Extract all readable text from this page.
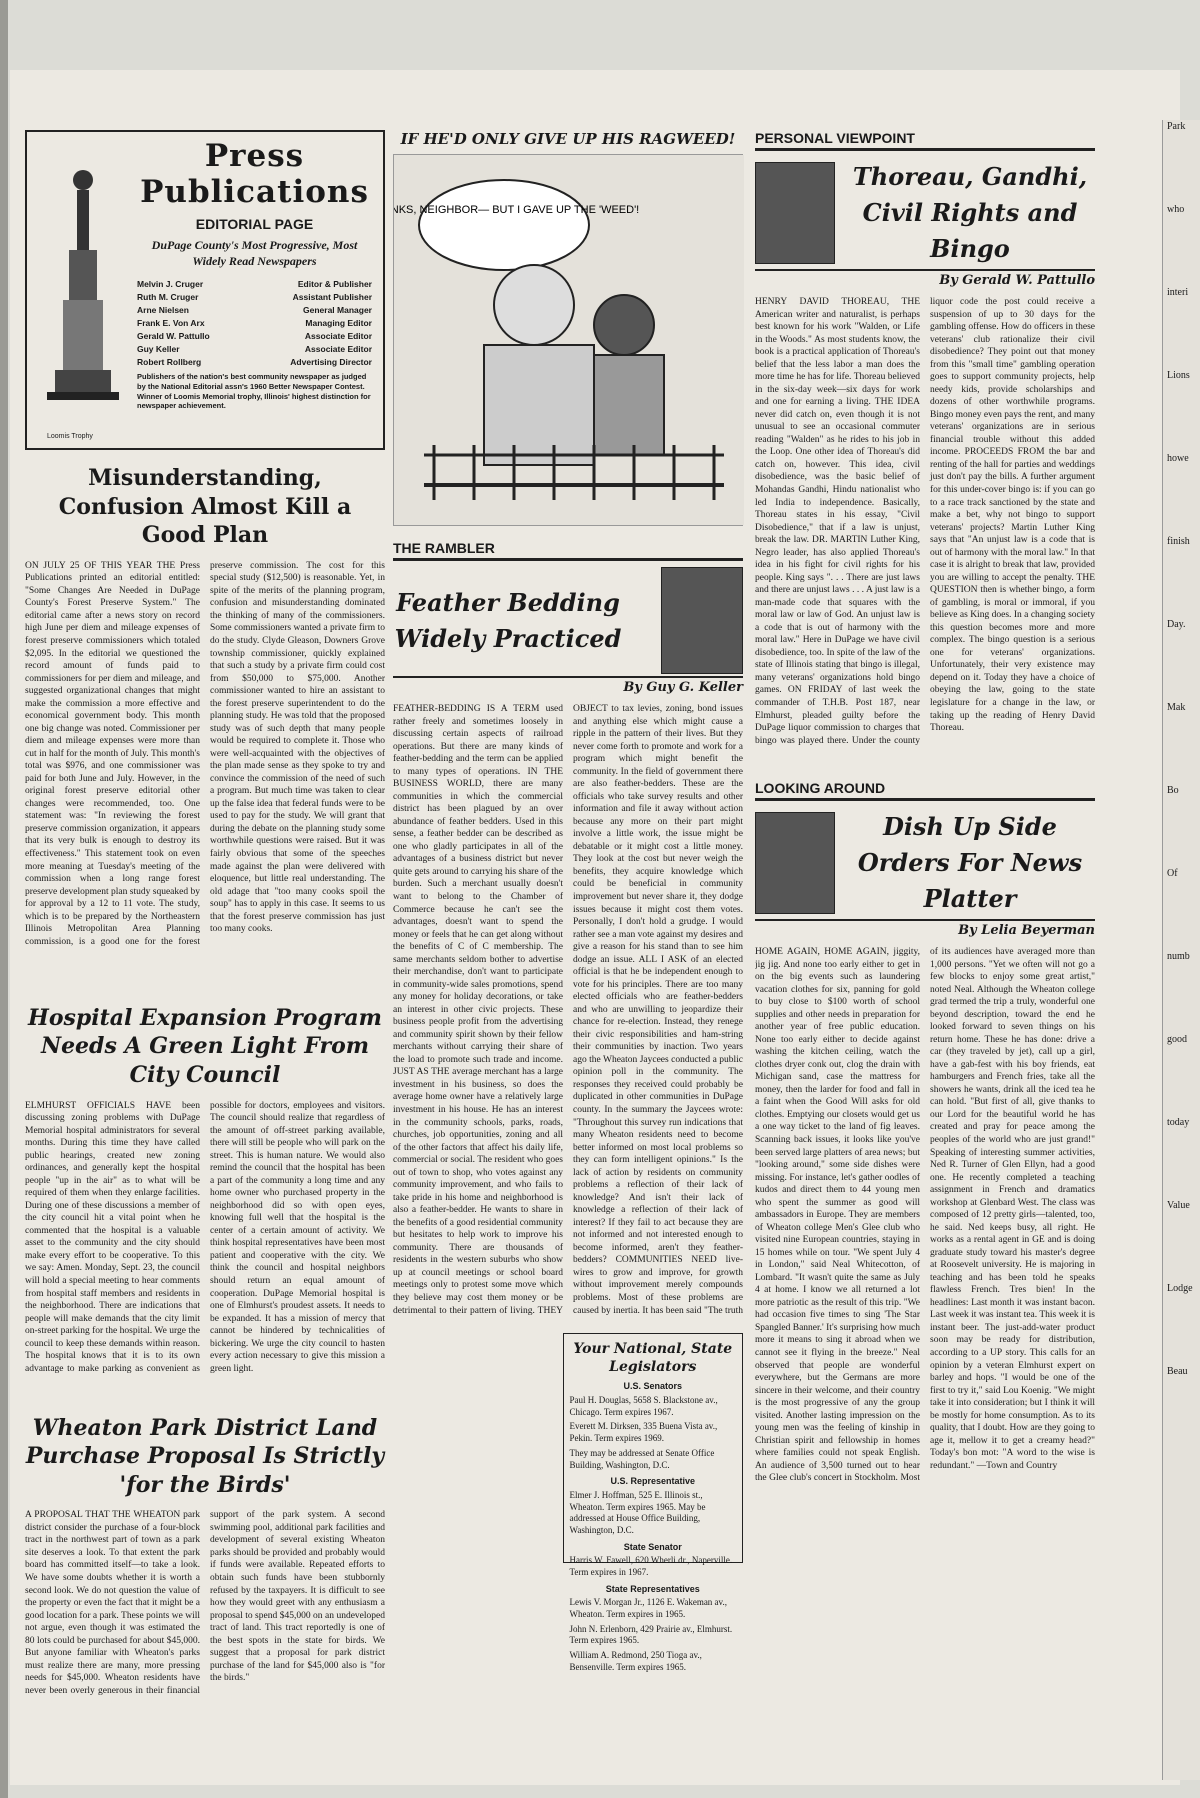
Loomis Trophy
Press Publications
EDITORIAL PAGE
DuPage County's Most Progressive, Most Widely Read Newspapers
Melvin J. Cruger	Editor & Publisher
Ruth M. Cruger	Assistant Publisher
Arne Nielsen	General Manager
Frank E. Von Arx	Managing Editor
Gerald W. Pattullo	Associate Editor
Guy Keller	Associate Editor
Robert Rollberg	Advertising Director
Publishers of the nation's best community newspaper as judged by the National Editorial assn's 1960 Better Newspaper Contest. Winner of Loomis Memorial trophy, Illinois' highest distinction for newspaper achievement.
Misunderstanding, Confusion Almost Kill a Good Plan
ON JULY 25 OF THIS YEAR THE Press Publications printed an editorial entitled: "Some Changes Are Needed in DuPage County's Forest Preserve System." The editorial came after a news story on record high June per diem and mileage expenses of forest preserve commissioners which totaled $2,095. In the editorial we questioned the record amount of funds paid to commissioners for per diem and mileage, and suggested organizational changes that might make the commission a more effective and economical government body. This month one big change was noted. Commissioner per diem and mileage expenses were more than cut in half for the month of July. This month's total was $976, and one commissioner was paid for both June and July. However, in the original forest preserve editorial other changes were recommended, too. One statement was: "In reviewing the forest preserve commission organization, it appears that its very bulk is enough to destroy its effectiveness." This statement took on even more meaning at Tuesday's meeting of the commission when a long range forest preserve development plan study squeaked by for approval by a 12 to 11 vote. The study, which is to be prepared by the Northeastern Illinois Metropolitan Area Planning commission, is a good one for the forest preserve commission. The cost for this special study ($12,500) is reasonable. Yet, in spite of the merits of the planning program, confusion and misunderstanding dominated the thinking of many of the commissioners. Some commissioners wanted a private firm to do the study. Clyde Gleason, Downers Grove township commissioner, quickly explained that such a study by a private firm could cost from $50,000 to $75,000. Another commissioner wanted to hire an assistant to the forest preserve superintendent to do the planning study. He was told that the proposed study was of such depth that many people would be required to complete it. Those who were well-acquainted with the objectives of the plan made sense as they spoke to try and convince the commission of the need of such a program. But much time was taken to clear up the false idea that federal funds were to be used to pay for the study. We will grant that during the debate on the planning study some worthwhile questions were raised. But it was fairly obvious that some of the speeches made against the plan were delivered with eloquence, but little real understanding. The old adage that "too many cooks spoil the soup" has to apply in this case. It seems to us that the forest preserve commission has just too many cooks.
Hospital Expansion Program Needs A Green Light From City Council
ELMHURST OFFICIALS HAVE been discussing zoning problems with DuPage Memorial hospital administrators for several months. During this time they have called public hearings, created new zoning ordinances, and generally kept the hospital people "up in the air" as to what will be required of them when they enlarge facilities. During one of these discussions a member of the city council hit a vital point when he commented that the hospital is a valuable asset to the community and the city should make every effort to be cooperative. To this we say: Amen. Monday, Sept. 23, the council will hold a special meeting to hear comments from hospital staff members and residents in the neighborhood. There are indications that people will make demands that the city limit on-street parking for the hospital. We urge the council to keep these demands within reason. The hospital knows that it is to its own advantage to make parking as convenient as possible for doctors, employees and visitors. The council should realize that regardless of the amount of off-street parking available, there will still be people who will park on the street. This is human nature. We would also remind the council that the hospital has been a part of the community a long time and any home owner who purchased property in the neighborhood did so with open eyes, knowing full well that the hospital is the center of a certain amount of activity. We think hospital representatives have been most patient and cooperative with the city. We think the council and hospital neighbors should return an equal amount of cooperation. DuPage Memorial hospital is one of Elmhurst's proudest assets. It needs to be expanded. It has a mission of mercy that cannot be hindered by technicalities of bickering. We urge the city council to hasten every action necessary to give this mission a green light.
Wheaton Park District Land Purchase Proposal Is Strictly 'for the Birds'
A PROPOSAL THAT THE WHEATON park district consider the purchase of a four-block tract in the northwest part of town as a park site deserves a look. To that extent the park board has committed itself—to take a look. We have some doubts whether it is worth a second look. We do not question the value of the property or even the fact that it might be a good location for a park. These points we will not argue, even though it was estimated the 80 lots could be purchased for about $45,000. But anyone familiar with Wheaton's parks must realize there are many, more pressing needs for $45,000. Wheaton residents have never been overly generous in their financial support of the park system. A second swimming pool, additional park facilities and development of several existing Wheaton parks should be provided and probably would if funds were available. Repeated efforts to obtain such funds have been stubbornly refused by the taxpayers. It is difficult to see how they would greet with any enthusiasm a proposal to spend $45,000 on an undeveloped tract of land. This tract reportedly is one of the best spots in the state for birds. We suggest that a proposal for park district purchase of the land for $45,000 also is "for the birds."
IF HE'D ONLY GIVE UP HIS RAGWEED!
THANKS, NEIGHBOR— BUT I GAVE UP THE 'WEED'!
THE RAMBLER
Feather Bedding Widely Practiced
By Guy G. Keller
FEATHER-BEDDING IS A TERM used rather freely and sometimes loosely in discussing certain aspects of railroad operations. But there are many kinds of feather-bedding and the term can be applied to many types of operations. IN THE BUSINESS WORLD, there are many communities in which the commercial district has been plagued by an over abundance of feather bedders. Used in this sense, a feather bedder can be described as one who gladly participates in all of the advantages of a business district but never quite gets around to carrying his share of the burden. Such a merchant usually doesn't want to belong to the Chamber of Commerce because he can't see the advantages, doesn't want to spend the money or feels that he can get along without the benefits of C of C membership. The same merchants seldom bother to advertise their merchandise, don't want to participate in community-wide sales promotions, spend any money for holiday decorations, or take an interest in other civic projects. These business people profit from the advertising and community spirit shown by their fellow merchants without carrying their share of the load to promote such trade and income. JUST AS THE average merchant has a large investment in his business, so does the average home owner have a relatively large investment in his house. He has an interest in the community schools, parks, roads, churches, job opportunities, zoning and all of the other factors that affect his daily life, commercial or social. The resident who goes out of town to shop, who votes against any community improvement, and who fails to take pride in his home and neighborhood is also a feather-bedder. He wants to share in the benefits of a good residential community but hesitates to help work to improve his community. There are thousands of residents in the western suburbs who show up at council meetings or school board meetings only to protest some move which they believe may cost them money or be detrimental to their pattern of living. THEY OBJECT to tax levies, zoning, bond issues and anything else which might cause a ripple in the pattern of their lives. But they never come forth to promote and work for a program which might benefit the community. In the field of government there are also feather-bedders. These are the officials who take survey results and other information and file it away without action because any more on their part might involve a little work, the issue might be debatable or it might cost a little money. They look at the cost but never weigh the benefits, they acquire knowledge which could be beneficial in community improvement but never share it, they dodge issues because it might cost them votes. Personally, I don't hold a grudge. I would rather see a man vote against my desires and give a reason for his stand than to see him dodge an issue. ALL I ASK of an elected official is that he be independent enough to vote for his principles. There are too many elected officials who are feather-bedders and who are unwilling to jeopardize their chance for re-election. Instead, they renege their civic responsibilities and ham-string their communities by inaction. Two years ago the Wheaton Jaycees conducted a public opinion poll in the community. The responses they received could probably be duplicated in other communities in DuPage county. In the summary the Jaycees wrote: "Throughout this survey run indications that many Wheaton residents need to become better informed on most local problems so they can form intelligent opinions." Is the lack of action by residents on community problems a reflection of their lack of knowledge? And isn't their lack of knowledge a reflection of their lack of interest? If they fail to act because they are not informed and not interested enough to become informed, aren't they feather-bedders? COMMUNITIES NEED live-wires to grow and improve, for growth without improvement merely compounds problems. Most of these problems are caused by inertia. It has been said "The truth
Your National, State Legislators
U.S. Senators
Paul H. Douglas, 5658 S. Blackstone av., Chicago. Term expires 1967.
Everett M. Dirksen, 335 Buena Vista av., Pekin. Term expires 1969.
They may be addressed at Senate Office Building, Washington, D.C.
U.S. Representative
Elmer J. Hoffman, 525 E. Illinois st., Wheaton. Term expires 1965. May be addressed at House Office Building, Washington, D.C.
State Senator
Harris W. Fawell, 620 Wherli dr., Naperville. Term expires in 1967.
State Representatives
Lewis V. Morgan Jr., 1126 E. Wakeman av., Wheaton. Term expires in 1965.
John N. Erlenborn, 429 Prairie av., Elmhurst. Term expires 1965.
William A. Redmond, 250 Tioga av., Bensenville. Term expires 1965.
PERSONAL VIEWPOINT
Thoreau, Gandhi, Civil Rights and Bingo
By Gerald W. Pattullo
HENRY DAVID THOREAU, THE American writer and naturalist, is perhaps best known for his work "Walden, or Life in the Woods." As most students know, the book is a practical application of Thoreau's belief that the less labor a man does the more time he has for life. Thoreau believed in the six-day week—six days for work and one for earning a living. THE IDEA never did catch on, even though it is not unusual to see an occasional commuter reading "Walden" as he rides to his job in the Loop. One other idea of Thoreau's did catch on, however. This idea, civil disobedience, was the basic belief of Mohandas Gandhi, Hindu nationalist who led India to independence. Basically, Thoreau states in his essay, "Civil Disobedience," that if a law is unjust, break the law. DR. MARTIN Luther King, Negro leader, has also applied Thoreau's idea in his fight for civil rights for his people. King says ". . . There are just laws and there are unjust laws . . . A just law is a man-made code that squares with the moral law or law of God. An unjust law is a code that is out of harmony with the moral law." Here in DuPage we have civil disobedience, too. In spite of the law of the state of Illinois stating that bingo is illegal, many veterans' organizations hold bingo games. ON FRIDAY of last week the commander of T.H.B. Post 187, near Elmhurst, pleaded guilty before the DuPage liquor commission to charges that bingo was played there. Under the county liquor code the post could receive a suspension of up to 30 days for the gambling offense. How do officers in these veterans' club rationalize their civil disobedience? They point out that money from this "small time" gambling operation goes to support community projects, help needy kids, provide scholarships and dozens of other worthwhile programs. Bingo money even pays the rent, and many veterans' organizations are in serious financial trouble without this added income. PROCEEDS FROM the bar and renting of the hall for parties and weddings just don't pay the bills. A further argument for this under-cover bingo is: if you can go to a race track sanctioned by the state and make a bet, why not bingo to support veterans' projects? Martin Luther King says that "An unjust law is a code that is out of harmony with the moral law." In that case it is alright to break that law, provided you are willing to accept the penalty. THE QUESTION then is whether bingo, a form of gambling, is moral or immoral, if you believe as King does. In a changing society this question becomes more and more complex. The bingo question is a serious one for veterans' organizations. Unfortunately, their very existence may depend on it. Today they have a choice of obeying the law, going to the state legislature for a change in the law, or taking up the reading of Henry David Thoreau.
LOOKING AROUND
Dish Up Side Orders For News Platter
By Lelia Beyerman
HOME AGAIN, HOME AGAIN, jiggity, jig jig. And none too early either to get in on the big events such as laundering vacation clothes for six, panning for gold to buy close to $100 worth of school supplies and other needs in preparation for another year of free public education. None too early either to decide against washing the kitchen ceiling, watch the clothes dryer conk out, clog the drain with Michigan sand, case the mattress for money, then the larder for food and fall in a faint when the Good Will asks for old clothes. Emptying our closets would get us a one way ticket to the land of fig leaves. Scanning back issues, it looks like you've been served large platters of area news; but "looking around," some side dishes were missing. For instance, let's gather oodles of kudos and direct them to 44 young men who spent the summer as good will ambassadors in Europe. They are members of Wheaton college Men's Glee club who visited nine European countries, staying in 15 homes while on tour. "We spent July 4 in London," said Neal Whitecotton, of Lombard. "It wasn't quite the same as July 4 at home. I know we all returned a lot more patriotic as the result of this trip. "We had occasion five times to sing 'The Star Spangled Banner.' It's surprising how much more it means to sing it abroad when we cannot see it flying in the breeze." Neal observed that people are wonderful everywhere, but the Germans are more sincere in their welcome, and their country is the most progressive of any the group visited. Another lasting impression on the young men was the feeling of kinship in Christian spirit and fellowship in homes where families could not speak English. An audience of 3,500 turned out to hear the Glee club's concert in Stockholm. Most of its audiences have averaged more than 1,000 persons. "Yet we often will not go a few blocks to enjoy some great artist," noted Neal. Although the Wheaton college grad termed the trip a truly, wonderful one beyond description, toward the end he looked forward to seven things on his return home. These he has done: drive a car (they traveled by jet), call up a girl, have a gab-fest with his boy friends, eat hamburgers and French fries, take all the showers he wants, drink all the iced tea he can hold. "But first of all, give thanks to our Lord for the beautiful world he has created and pray for peace among the peoples of the world who are just grand!" Speaking of interesting summer activities, Ned R. Turner of Glen Ellyn, had a good one. He recently completed a teaching assignment in French and dramatics workshop at Glenbard West. The class was composed of 12 pretty girls—talented, too, he said. Ned keeps busy, all right. He works as a rental agent in GE and is doing graduate study toward his master's degree at Roosevelt university. He is majoring in teaching and has been told he speaks flawless French. Tres bien! In the headlines: Last month it was instant bacon. Last week it was instant tea. This week it is instant beer. The just-add-water product soon may be ready for distribution, according to a UP story. This calls for an opinion by a veteran Elmhurst expert on barley and hops. "I would be one of the first to try it," said Lou Koenig. "We might take it into consideration; but I think it will be mostly for home consumption. As to its quality, that I doubt. How are they going to age it, mellow it to get a creamy head?" Today's bon mot: "A word to the wise is redundant." —Town and Country
Park
who
interi
Lions
howe
finish
Day.
Mak
Bo
Of
numb
good
today
Value
Lodge
Beau
